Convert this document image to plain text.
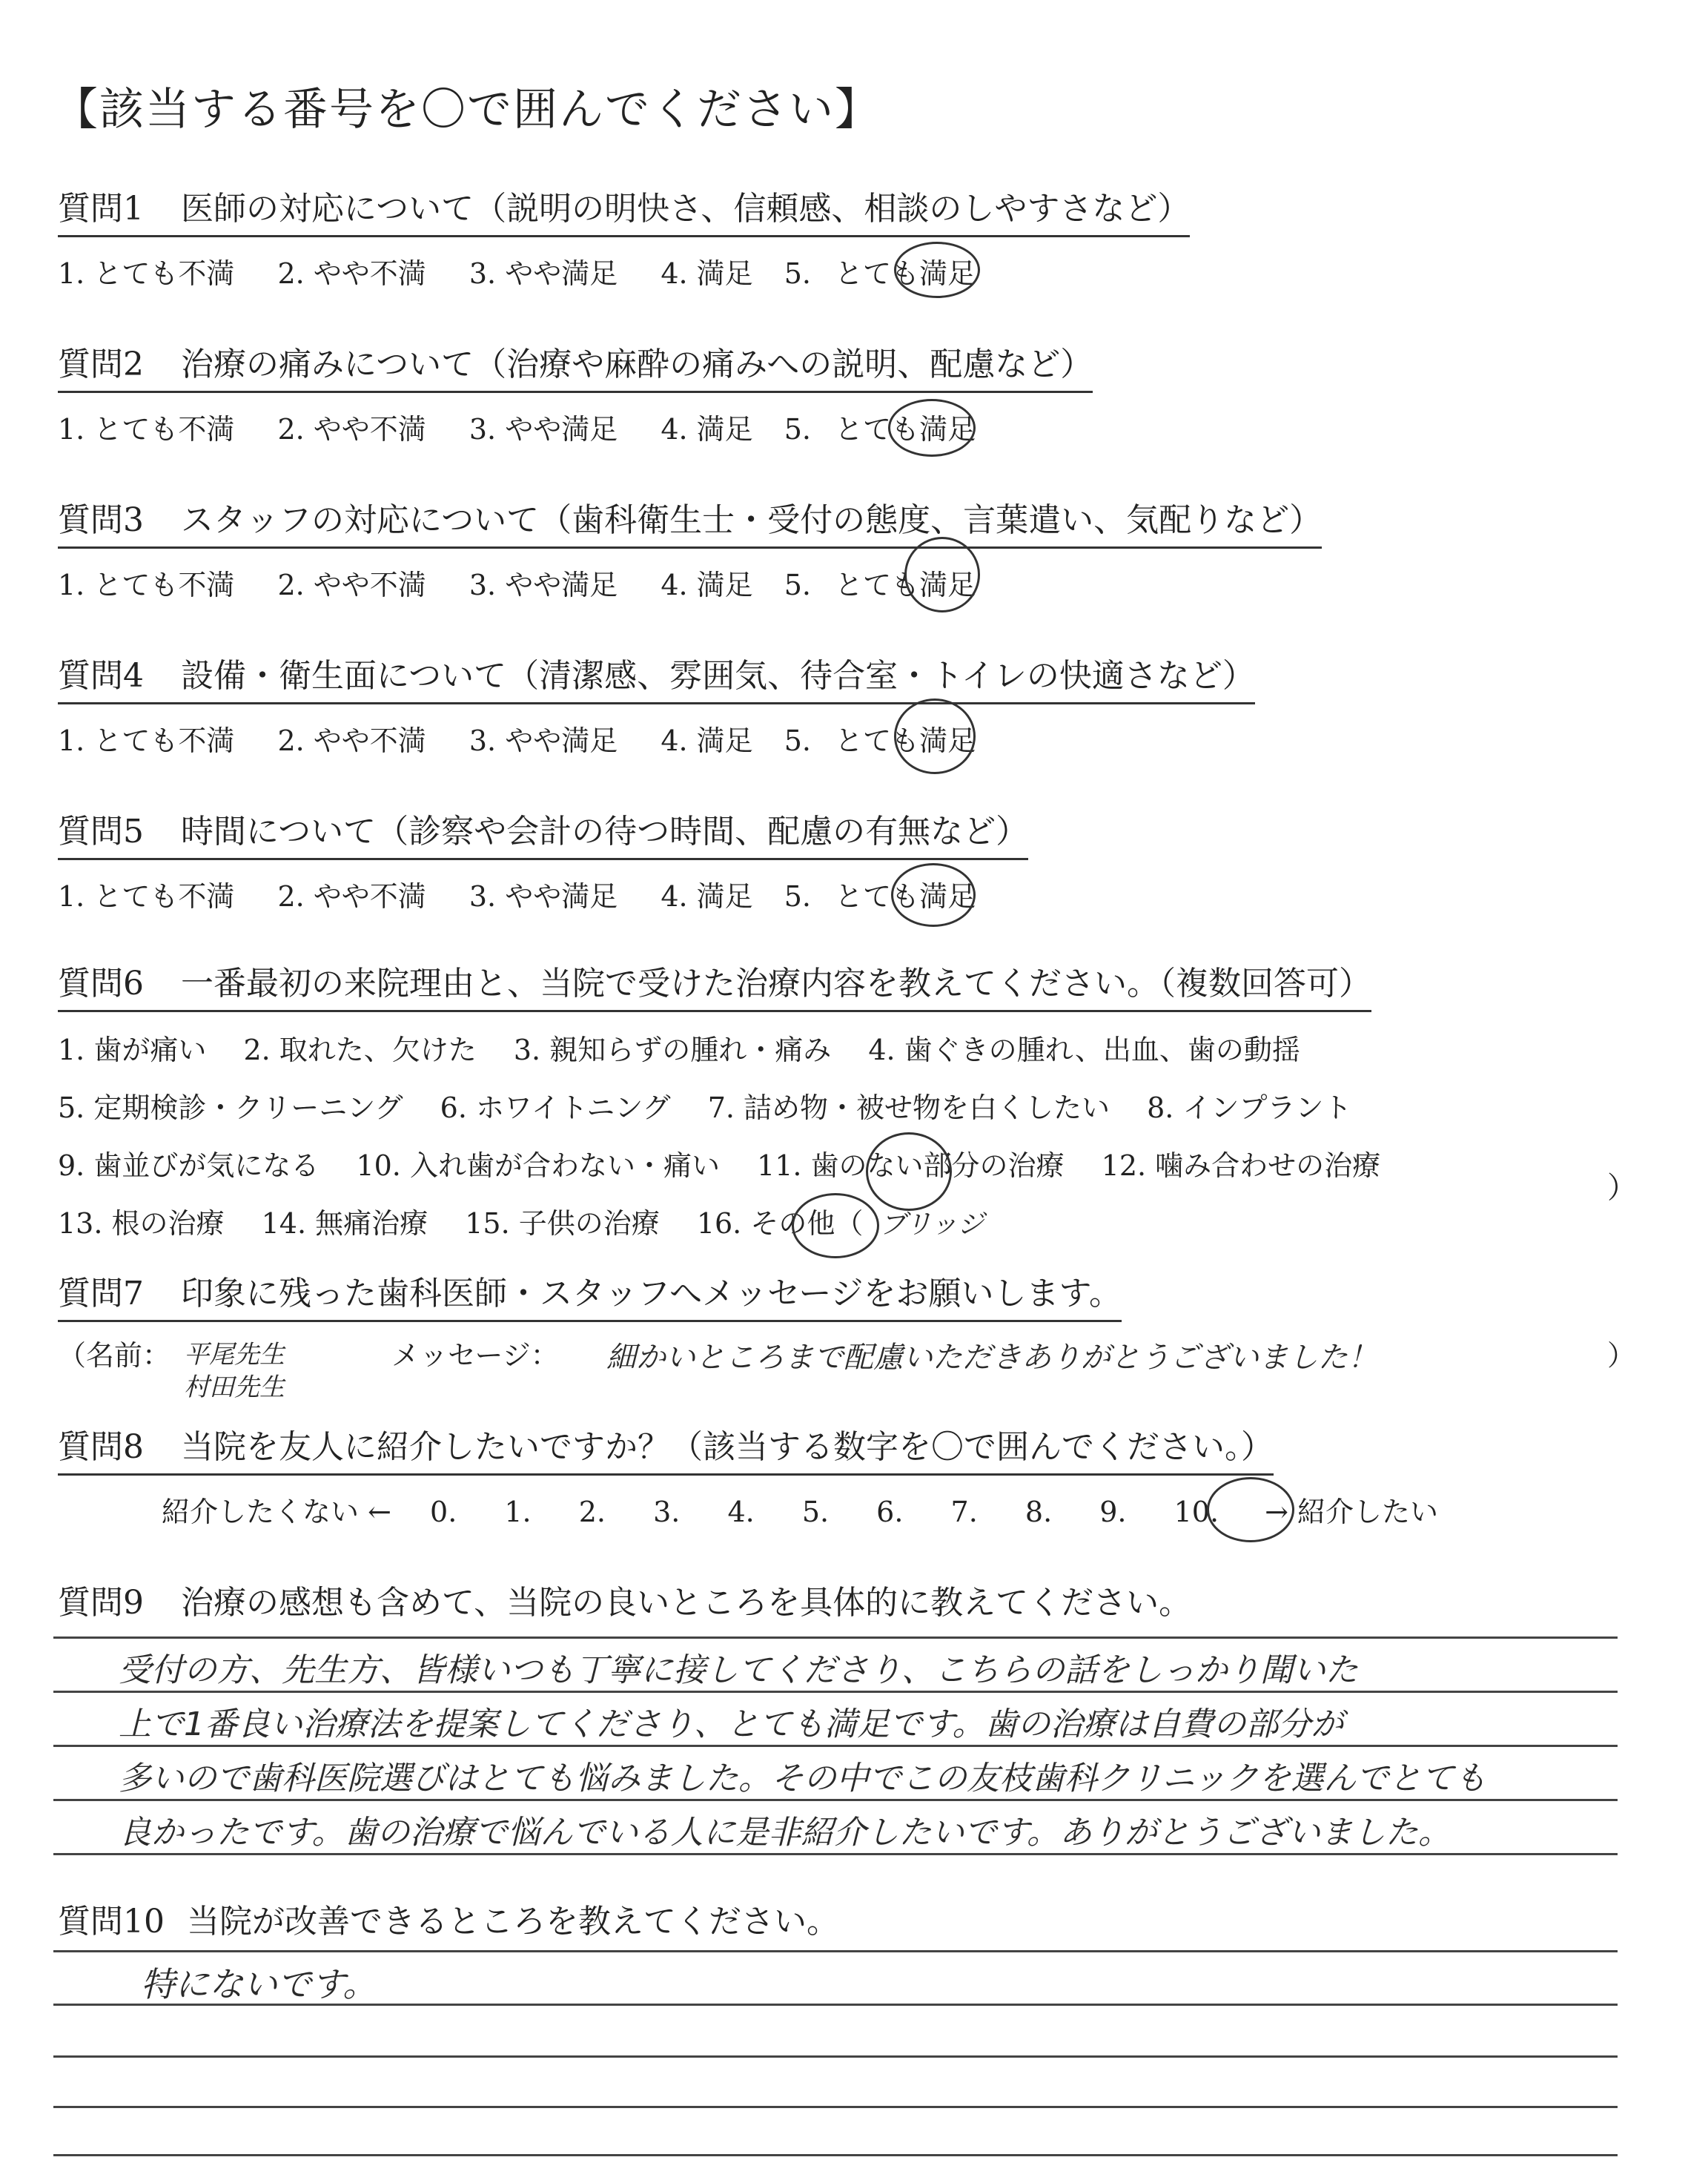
【該当する番号を〇で囲んでください】
質問1 医師の対応について（説明の明快さ、信頼感、相談のしやすさなど）
1. とても不満 2. やや不満 3. やや満足 4. 満足 5. とても満足
質問2 治療の痛みについて（治療や麻酔の痛みへの説明、配慮など）
1. とても不満 2. やや不満 3. やや満足 4. 満足 5. とても満足
質問3 スタッフの対応について（歯科衛生士・受付の態度、言葉遣い、気配りなど）
1. とても不満 2. やや不満 3. やや満足 4. 満足 5. とても満足
質問4 設備・衛生面について（清潔感、雰囲気、待合室・トイレの快適さなど）
1. とても不満 2. やや不満 3. やや満足 4. 満足 5. とても満足
質問5 時間について（診察や会計の待つ時間、配慮の有無など）
1. とても不満 2. やや不満 3. やや満足 4. 満足 5. とても満足
質問6 一番最初の来院理由と、当院で受けた治療内容を教えてください。（複数回答可）
1. 歯が痛い 2. 取れた、欠けた 3. 親知らずの腫れ・痛み 4. 歯ぐきの腫れ、出血、歯の動揺
5. 定期検診・クリーニング 6. ホワイトニング 7. 詰め物・被せ物を白くしたい 8. インプラント
9. 歯並びが気になる 10. 入れ歯が合わない・痛い 11. 歯のない部分の治療 12. 噛み合わせの治療
13. 根の治療 14. 無痛治療 15. 子供の治療 16. その他（ ブリッジ
）
質問7 印象に残った歯科医師・スタッフへメッセージをお願いします。
（名前： 平尾先生
村田先生
メッセージ： 細かいところまで配慮いただきありがとうございました！	）
質問8 当院を友人に紹介したいですか？（該当する数字を〇で囲んでください。）
紹介したくない ← 0. 1. 2. 3. 4. 5. 6. 7. 8. 9. 10. → 紹介したい
質問9 治療の感想も含めて、当院の良いところを具体的に教えてください。
受付の方、先生方、皆様いつも丁寧に接してくださり、こちらの話をしっかり聞いた
上で1番良い治療法を提案してくださり、とても満足です。歯の治療は自費の部分が
多いので歯科医院選びはとても悩みました。その中でこの友枝歯科クリニックを選んでとても
良かったです。歯の治療で悩んでいる人に是非紹介したいです。ありがとうございました。
質問10 当院が改善できるところを教えてください。
特にないです。
